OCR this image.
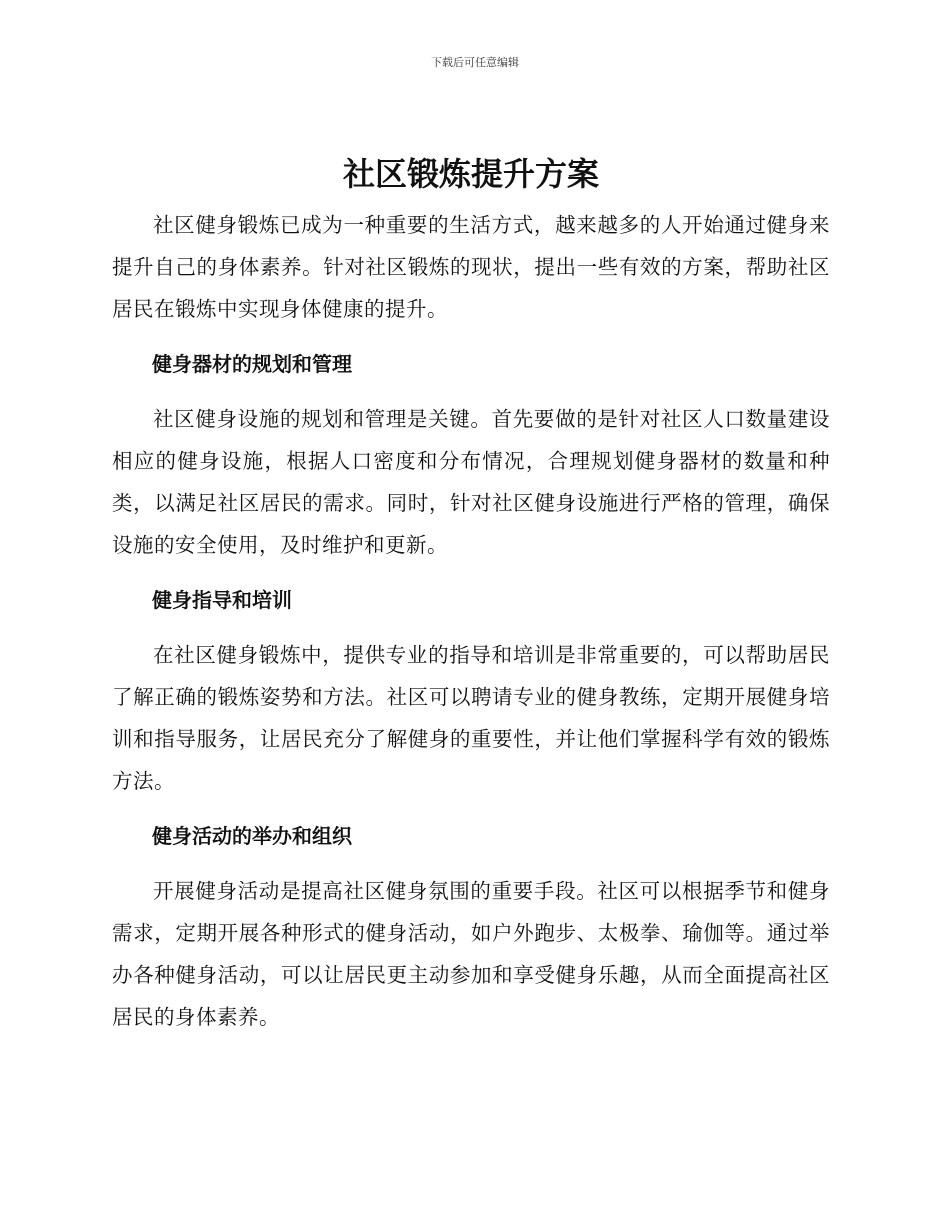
下载后可任意编辑
社区锻炼提升方案

社区健身锻炼已成为一种重要的生活方式，越来越多的人开始通过健身来提升自己的身体素养。针对社区锻炼的现状，提出一些有效的方案，帮助社区居民在锻炼中实现身体健康的提升。

健身器材的规划和管理

社区健身设施的规划和管理是关键。首先要做的是针对社区人口数量建设相应的健身设施，根据人口密度和分布情况，合理规划健身器材的数量和种类，以满足社区居民的需求。同时，针对社区健身设施进行严格的管理，确保设施的安全使用，及时维护和更新。

健身指导和培训

在社区健身锻炼中，提供专业的指导和培训是非常重要的，可以帮助居民了解正确的锻炼姿势和方法。社区可以聘请专业的健身教练，定期开展健身培训和指导服务，让居民充分了解健身的重要性，并让他们掌握科学有效的锻炼方法。

健身活动的举办和组织

开展健身活动是提高社区健身氛围的重要手段。社区可以根据季节和健身需求，定期开展各种形式的健身活动，如户外跑步、太极拳、瑜伽等。通过举办各种健身活动，可以让居民更主动参加和享受健身乐趣，从而全面提高社区居民的身体素养。
